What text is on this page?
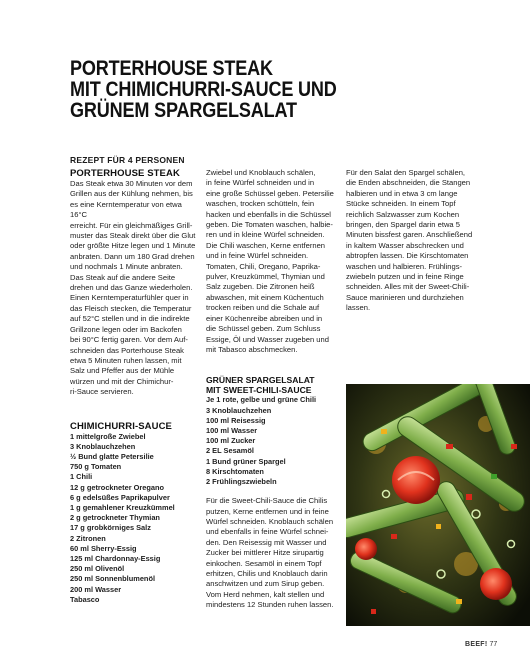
PORTERHOUSE STEAK
MIT CHIMICHURRI-SAUCE UND
GRÜNEM SPARGELSALAT
REZEPT FÜR 4 PERSONEN
PORTERHOUSE STEAK

Das Steak etwa 30 Minuten vor dem
Grillen aus der Kühlung nehmen, bis
es eine Kerntemperatur von etwa 16°C
erreicht. Für ein gleichmäßiges Grill-
muster das Steak direkt über die Glut
oder größte Hitze legen und 1 Minute
anbraten. Dann um 180 Grad drehen
und nochmals 1 Minute anbraten.
Das Steak auf die andere Seite
drehen und das Ganze wiederholen.
Einen Kerntemperaturfühler quer in
das Fleisch stecken, die Temperatur
auf 52°C stellen und in die indirekte
Grillzone legen oder im Backofen
bei 90°C fertig garen. Vor dem Auf-
schneiden das Porterhouse Steak
etwa 5 Minuten ruhen lassen, mit
Salz und Pfeffer aus der Mühle
würzen und mit der Chimichur-
ri-Sauce servieren.

CHIMICHURRI-SAUCE
1 mittelgroße Zwiebel
3 Knoblauchzehen
½ Bund glatte Petersilie
750 g Tomaten
1 Chili
12 g getrockneter Oregano
6 g edelsüßes Paprikapulver
1 g gemahlener Kreuzkümmel
2 g getrockneter Thymian
17 g grobkörniges Salz
2 Zitronen
60 ml Sherry-Essig
125 ml Chardonnay-Essig
250 ml Olivenöl
250 ml Sonnenblumenöl
200 ml Wasser
Tabasco

Zwiebel und Knoblauch schälen,
in feine Würfel schneiden und in
eine große Schüssel geben. Petersilie
waschen, trocken schütteln, fein
hacken und ebenfalls in die Schüssel
geben. Die Tomaten waschen, halbie-
ren und in kleine Würfel schneiden.
Die Chili waschen, Kerne entfernen
und in feine Würfel schneiden.
Tomaten, Chili, Oregano, Paprika-
pulver, Kreuzkümmel, Thymian und
Salz zugeben. Die Zitronen heiß
abwaschen, mit einem Küchentuch
trocken reiben und die Schale auf
einer Küchenreibe abreiben und in
die Schüssel geben. Zum Schluss
Essige, Öl und Wasser zugeben und
mit Tabasco abschmecken.

GRÜNER SPARGELSALAT
MIT SWEET-CHILI-SAUCE
Je 1 rote, gelbe und grüne Chili
3 Knoblauchzehen
100 ml Reisessig
100 ml Wasser
100 ml Zucker
2 EL Sesamöl
1 Bund grüner Spargel
8 Kirschtomaten
2 Frühlingszwiebeln

Für die Sweet-Chili-Sauce die Chilis
putzen, Kerne entfernen und in feine
Würfel schneiden. Knoblauch schälen
und ebenfalls in feine Würfel schnei-
den. Den Reisessig mit Wasser und
Zucker bei mittlerer Hitze sirupartig
einkochen. Sesamöl in einem Topf
erhitzen, Chilis und Knoblauch darin
anschwitzen und zum Sirup geben.
Vom Herd nehmen, kalt stellen und
mindestens 12 Stunden ruhen lassen.

Für den Salat den Spargel schälen,
die Enden abschneiden, die Stangen
halbieren und in etwa 3 cm lange
Stücke schneiden. In einem Topf
reichlich Salzwasser zum Kochen
bringen, den Spargel darin etwa 5
Minuten bissfest garen. Anschließend
in kaltem Wasser abschrecken und
abtropfen lassen. Die Kirschtomaten
waschen und halbieren. Frühlings-
zwiebeln putzen und in feine Ringe
schneiden. Alles mit der Sweet-Chili-
Sauce marinieren und durchziehen
lassen.

BEEF! 77
